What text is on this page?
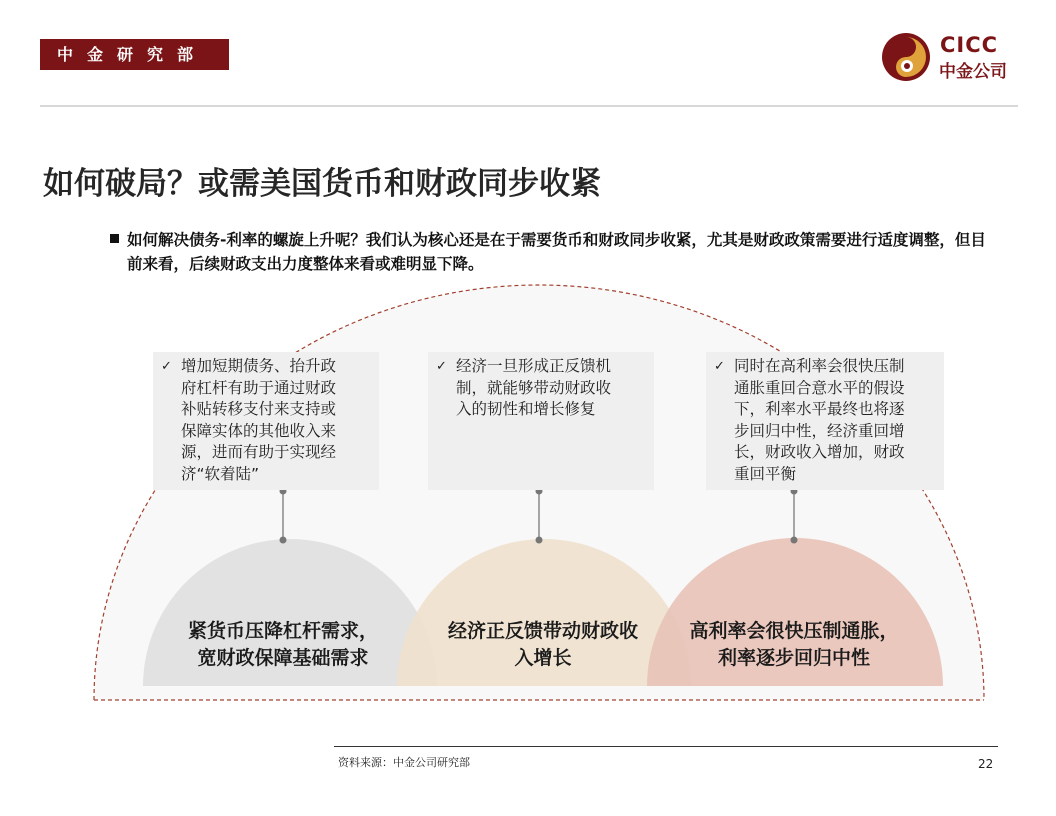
中金研究部	CICC
中金公司
如何破局？或需美国货币和财政同步收紧
如何解决债务-利率的螺旋上升呢？我们认为核心还是在于需要货币和财政同步收紧，尤其是财政政策需要进行适度调整，但目前来看，后续财政支出力度整体来看或难明显下降。
✓ 增加短期债务、抬升政
府杠杆有助于通过财政
补贴转移支付来支持或
保障实体的其他收入来
源，进而有助于实现经
济“软着陆”
✓ 经济一旦形成正反馈机
制，就能够带动财政收
入的韧性和增长修复
✓ 同时在高利率会很快压制
通胀重回合意水平的假设
下，利率水平最终也将逐
步回归中性，经济重回增
长，财政收入增加，财政
重回平衡
紧货币压降杠杆需求，
宽财政保障基础需求
经济正反馈带动财政收
入增长
高利率会很快压制通胀，
利率逐步回归中性
资料来源：中金公司研究部	22
